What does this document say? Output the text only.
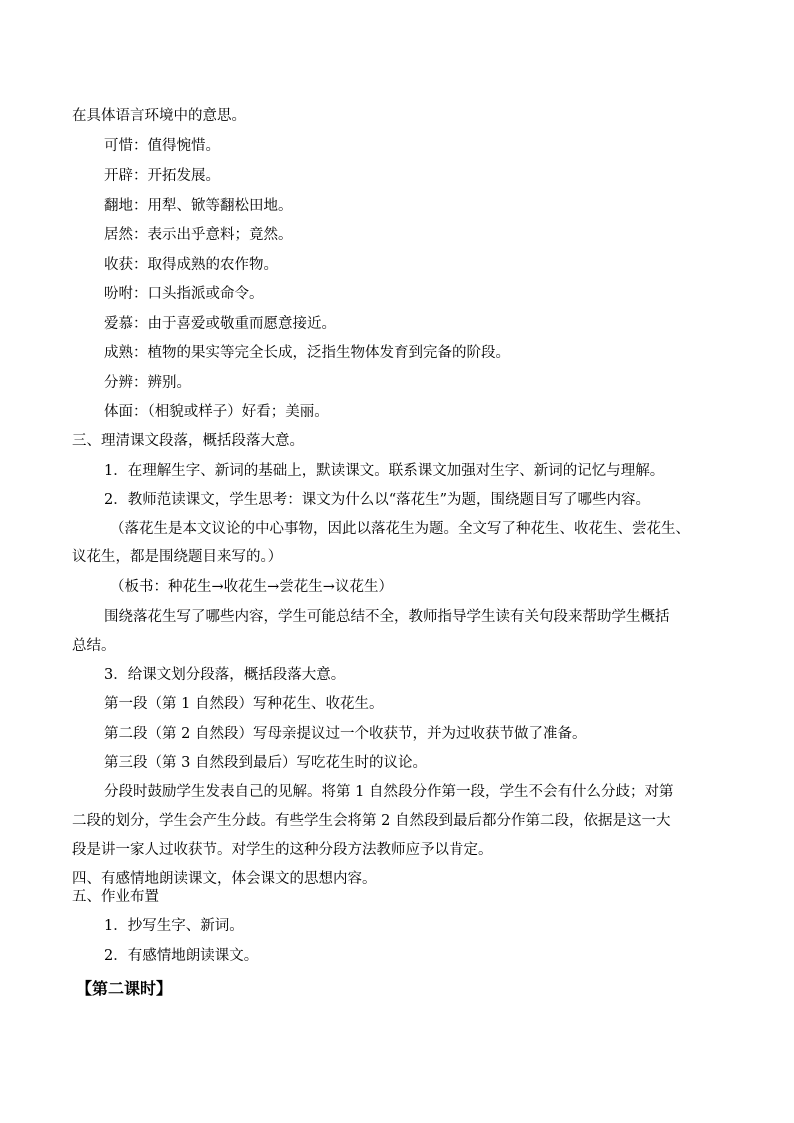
在具体语言环境中的意思。
可惜：值得惋惜。
开辟：开拓发展。
翻地：用犁、锨等翻松田地。
居然：表示出乎意料；竟然。
收获：取得成熟的农作物。
吩咐：口头指派或命令。
爱慕：由于喜爱或敬重而愿意接近。
成熟：植物的果实等完全长成，泛指生物体发育到完备的阶段。
分辨：辨别。
体面：（相貌或样子）好看；美丽。
三、理清课文段落，概括段落大意。
1．在理解生字、新词的基础上，默读课文。联系课文加强对生字、新词的记忆与理解。
2．教师范读课文，学生思考：课文为什么以“落花生”为题，围绕题目写了哪些内容。
（落花生是本文议论的中心事物，因此以落花生为题。全文写了种花生、收花生、尝花生、
议花生，都是围绕题目来写的。）
（板书：种花生→收花生→尝花生→议花生）
围绕落花生写了哪些内容，学生可能总结不全，教师指导学生读有关句段来帮助学生概括
总结。
3．给课文划分段落，概括段落大意。
第一段（第 1 自然段）写种花生、收花生。
第二段（第 2 自然段）写母亲提议过一个收获节，并为过收获节做了准备。
第三段（第 3 自然段到最后）写吃花生时的议论。
分段时鼓励学生发表自己的见解。将第 1 自然段分作第一段，学生不会有什么分歧；对第
二段的划分，学生会产生分歧。有些学生会将第 2 自然段到最后都分作第二段，依据是这一大
段是讲一家人过收获节。对学生的这种分段方法教师应予以肯定。
四、有感情地朗读课文，体会课文的思想内容。
五、作业布置
1．抄写生字、新词。
2．有感情地朗读课文。
【第二课时】
